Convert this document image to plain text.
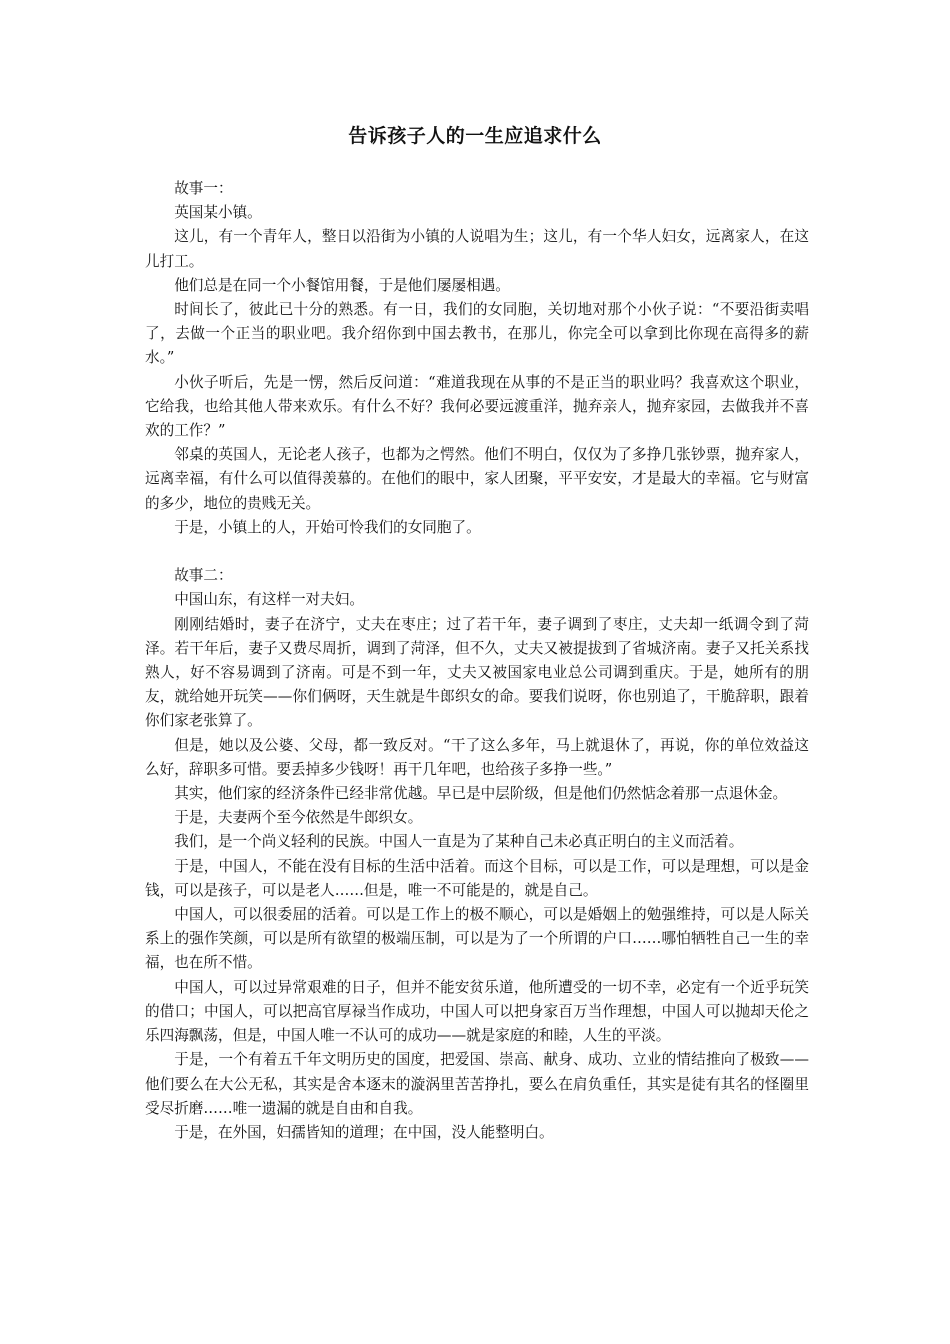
告诉孩子人的一生应追求什么

故事一：

英国某小镇。

这儿，有一个青年人，整日以沿街为小镇的人说唱为生；这儿，有一个华人妇女，远离家人，在这儿打工。

他们总是在同一个小餐馆用餐，于是他们屡屡相遇。

时间长了，彼此已十分的熟悉。有一日，我们的女同胞，关切地对那个小伙子说：“不要沿街卖唱了，去做一个正当的职业吧。我介绍你到中国去教书，在那儿，你完全可以拿到比你现在高得多的薪水。”

小伙子听后，先是一愣，然后反问道：“难道我现在从事的不是正当的职业吗？我喜欢这个职业，它给我，也给其他人带来欢乐。有什么不好？我何必要远渡重洋，抛弃亲人，抛弃家园，去做我并不喜欢的工作？”

邻桌的英国人，无论老人孩子，也都为之愕然。他们不明白，仅仅为了多挣几张钞票，抛弃家人，远离幸福，有什么可以值得羡慕的。在他们的眼中，家人团聚，平平安安，才是最大的幸福。它与财富的多少，地位的贵贱无关。

于是，小镇上的人，开始可怜我们的女同胞了。

故事二：

中国山东，有这样一对夫妇。

刚刚结婚时，妻子在济宁，丈夫在枣庄；过了若干年，妻子调到了枣庄，丈夫却一纸调令到了菏泽。若干年后，妻子又费尽周折，调到了菏泽，但不久，丈夫又被提拔到了省城济南。妻子又托关系找熟人，好不容易调到了济南。可是不到一年，丈夫又被国家电业总公司调到重庆。于是，她所有的朋友，就给她开玩笑——你们俩呀，天生就是牛郎织女的命。要我们说呀，你也别追了，干脆辞职，跟着你们家老张算了。

但是，她以及公婆、父母，都一致反对。“干了这么多年，马上就退休了，再说，你的单位效益这么好，辞职多可惜。要丢掉多少钱呀！再干几年吧，也给孩子多挣一些。”

其实，他们家的经济条件已经非常优越。早已是中层阶级，但是他们仍然惦念着那一点退休金。

于是，夫妻两个至今依然是牛郎织女。

我们，是一个尚义轻利的民族。中国人一直是为了某种自己未必真正明白的主义而活着。

于是，中国人，不能在没有目标的生活中活着。而这个目标，可以是工作，可以是理想，可以是金钱，可以是孩子，可以是老人……但是，唯一不可能是的，就是自己。

中国人，可以很委屈的活着。可以是工作上的极不顺心，可以是婚姻上的勉强维持，可以是人际关系上的强作笑颜，可以是所有欲望的极端压制，可以是为了一个所谓的户口……哪怕牺牲自己一生的幸福，也在所不惜。

中国人，可以过异常艰难的日子，但并不能安贫乐道，他所遭受的一切不幸，必定有一个近乎玩笑的借口；中国人，可以把高官厚禄当作成功，中国人可以把身家百万当作理想，中国人可以抛却天伦之乐四海飘荡，但是，中国人唯一不认可的成功——就是家庭的和睦，人生的平淡。

于是，一个有着五千年文明历史的国度，把爱国、崇高、献身、成功、立业的情结推向了极致——他们要么在大公无私，其实是舍本逐末的漩涡里苦苦挣扎，要么在肩负重任，其实是徒有其名的怪圈里受尽折磨……唯一遗漏的就是自由和自我。

于是，在外国，妇孺皆知的道理；在中国，没人能整明白。
